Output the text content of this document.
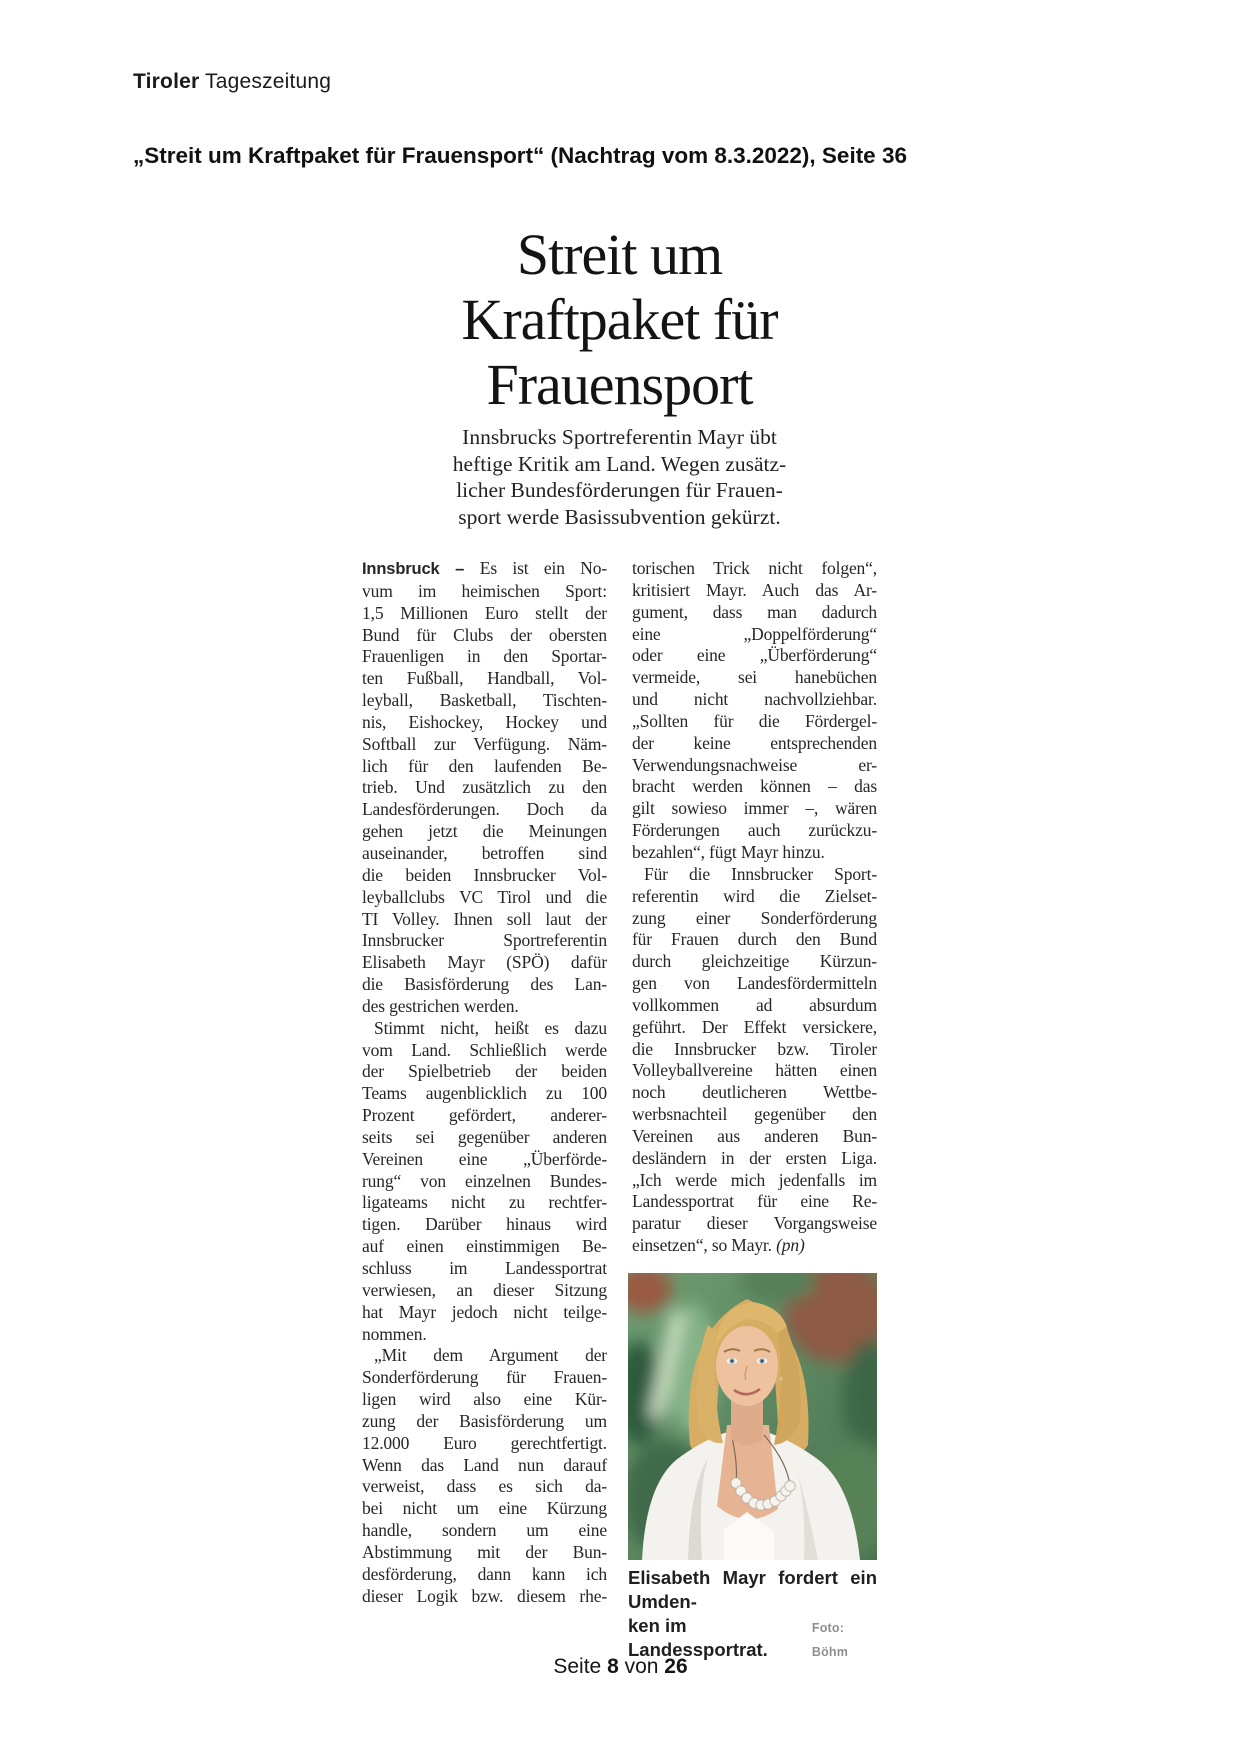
Tiroler Tageszeitung
„Streit um Kraftpaket für Frauensport“ (Nachtrag vom 8.3.2022), Seite 36
Streit um
Kraftpaket für
Frauensport
Innsbrucks Sportreferentin Mayr übt
heftige Kritik am Land. Wegen zusätz-
licher Bundesförderungen für Frauen-
sport werde Basissubvention gekürzt.
Innsbruck – Es ist ein No-
vum im heimischen Sport:
1,5 Millionen Euro stellt der
Bund für Clubs der obersten
Frauenligen in den Sportar-
ten Fußball, Handball, Vol-
leyball, Basketball, Tischten-
nis, Eishockey, Hockey und
Softball zur Verfügung. Näm-
lich für den laufenden Be-
trieb. Und zusätzlich zu den
Landesförderungen. Doch da
gehen jetzt die Meinungen
auseinander, betroffen sind
die beiden Innsbrucker Vol-
leyballclubs VC Tirol und die
TI Volley. Ihnen soll laut der
Innsbrucker Sportreferentin
Elisabeth Mayr (SPÖ) dafür
die Basisförderung des Lan-
des gestrichen werden.
Stimmt nicht, heißt es dazu
vom Land. Schließlich werde
der Spielbetrieb der beiden
Teams augenblicklich zu 100
Prozent gefördert, anderer-
seits sei gegenüber anderen
Vereinen eine „Überförde-
rung“ von einzelnen Bundes-
ligateams nicht zu rechtfer-
tigen. Darüber hinaus wird
auf einen einstimmigen Be-
schluss im Landessportrat
verwiesen, an dieser Sitzung
hat Mayr jedoch nicht teilge-
nommen.
„Mit dem Argument der
Sonderförderung für Frauen-
ligen wird also eine Kür-
zung der Basisförderung um
12.000 Euro gerechtfertigt.
Wenn das Land nun darauf
verweist, dass es sich da-
bei nicht um eine Kürzung
handle, sondern um eine
Abstimmung mit der Bun-
desförderung, dann kann ich
dieser Logik bzw. diesem rhe-
torischen Trick nicht folgen“,
kritisiert Mayr. Auch das Ar-
gument, dass man dadurch
eine „Doppelförderung“
oder eine „Überförderung“
vermeide, sei hanebüchen
und nicht nachvollziehbar.
„Sollten für die Fördergel-
der keine entsprechenden
Verwendungsnachweise er-
bracht werden können – das
gilt sowieso immer –, wären
Förderungen auch zurückzu-
bezahlen“, fügt Mayr hinzu.
Für die Innsbrucker Sport-
referentin wird die Zielset-
zung einer Sonderförderung
für Frauen durch den Bund
durch gleichzeitige Kürzun-
gen von Landesfördermitteln
vollkommen ad absurdum
geführt. Der Effekt versickere,
die Innsbrucker bzw. Tiroler
Volleyballvereine hätten einen
noch deutlicheren Wettbe-
werbsnachteil gegenüber den
Vereinen aus anderen Bun-
desländern in der ersten Liga.
„Ich werde mich jedenfalls im
Landessportrat für eine Re-
paratur dieser Vorgangsweise
einsetzen“, so Mayr. (pn)
Elisabeth Mayr fordert ein Umden-
ken im Landessportrat.
Foto: Böhm
Seite 8 von 26
